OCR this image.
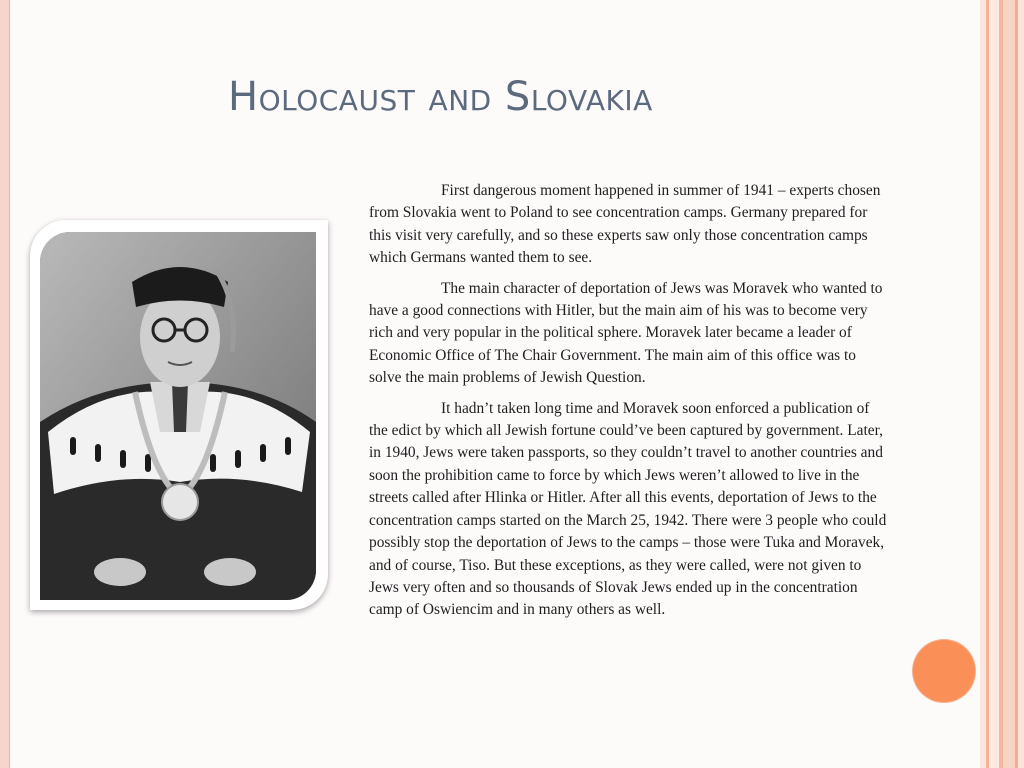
Holocaust and Slovakia

First dangerous moment happened in summer of 1941 – experts chosen from Slovakia went to Poland to see concentration camps. Germany prepared for this visit very carefully, and so these experts saw only those concentration camps which Germans wanted them to see.

The main character of deportation of Jews was Moravek who wanted to have a good connections with Hitler, but the main aim of his was to become very rich and very popular in the political sphere. Moravek later became a leader of Economic Office of The Chair Government. The main aim of this office was to solve the main problems of Jewish Question.

It hadn’t taken long time and Moravek soon enforced a publication of the edict by which all Jewish fortune could’ve been captured by government. Later, in 1940, Jews were taken passports, so they couldn’t travel to another countries and soon the prohibition came to force by which Jews weren’t allowed to live in the streets called after Hlinka or Hitler. After all this events, deportation of Jews to the concentration camps started on the March 25, 1942. There were 3 people who could possibly stop the deportation of Jews to the camps – those were Tuka and Moravek, and of course, Tiso. But these exceptions, as they were called, were not given to Jews very often and so thousands of Slovak Jews ended up in the concentration camp of Oswiencim and in many others as well.
